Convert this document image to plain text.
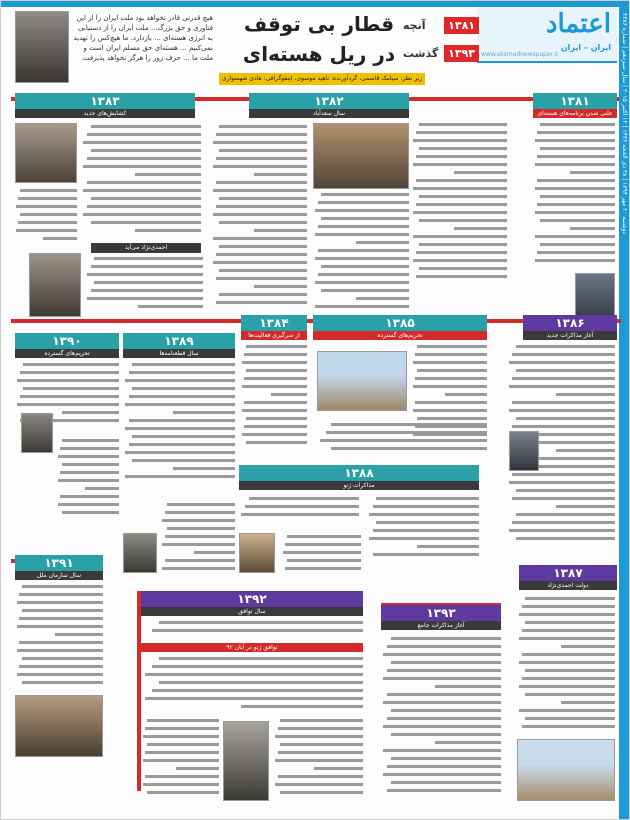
دوشنبه ۲۰ مهر ۱۳۹۴ | ۲۸ ذی الحجه ۱۴۳۶ | ۱۲ اکتبر ۲۰۱۵ | سال سیزدهم | شماره ۳۳۸۶
اعتماد
ایران – ایران
www.etemadnewspaper.ir
۱۳۸۱
آنچه
۱۳۹۳
گذشت
قطار بی توقف
در ریل هسته‌ای
زیر نظر: سیامک قاسمی، گردآورنده: ناهید موسوی، اینفوگرافی: هادی شهسواری
هیچ قدرتی قادر نخواهد بود ملت ایران را از این فناوری و حق بزرگ... ملت ایران را از دستیابی به انرژی هسته‌ای ... بازدارد. ما هیچ‌کس را تهدید نمی‌کنیم ... هسته‌ای حق مسلم ایران است و ملت ما ... حرف زور را هرگز نخواهد پذیرفت.
۱۳۸۱
علنی شدن برنامه‌های هسته‌ای
۱۳۸۲
سال سعدآباد
۱۳۸۳
کشایش‌های جدید
احمدی‌نژاد می‌آید
۱۳۸۶
آغاز مذاکرات جدید
۱۳۸۵
تحریم‌های گسترده
۱۳۸۴
از سرگیری فعالیت‌ها
۱۳۸۹
سال قطعنامه‌ها
۱۳۹۰
تحریم‌های گسترده
۱۳۸۸
مذاکرات ژنو
۱۳۹۱
سال سازمان ملل	۱۳۸۷
دولت احمدی‌نژاد
۱۳۹۲
سال توافق
توافق ژنو در آبان ۹۲
۱۳۹۳
آغاز مذاکرات جامع
